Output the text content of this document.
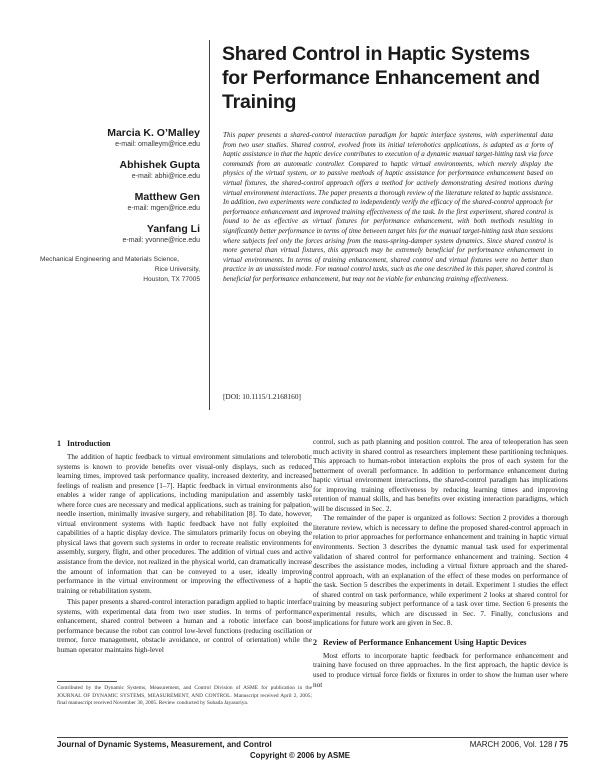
Shared Control in Haptic Systems for Performance Enhancement and Training
Marcia K. O’Malley
e-mail: omalleym@rice.edu
Abhishek Gupta
e-mail: abhi@rice.edu
Matthew Gen
e-mail: mgen@rice.edu
Yanfang Li
e-mail: yvonne@rice.edu
Mechanical Engineering and Materials Science,
Rice University,
Houston, TX 77005
This paper presents a shared-control interaction paradigm for haptic interface systems, with experimental data from two user studies. Shared control, evolved from its initial telerobotics applications, is adapted as a form of haptic assistance in that the haptic device contributes to execution of a dynamic manual target-hitting task via force commands from an automatic controller. Compared to haptic virtual environments, which merely display the physics of the virtual system, or to passive methods of haptic assistance for performance enhancement based on virtual fixtures, the shared-control approach offers a method for actively demonstrating desired motions during virtual environment interactions. The paper presents a thorough review of the literature related to haptic assistance. In addition, two experiments were conducted to independently verify the efficacy of the shared-control approach for performance enhancement and improved training effectiveness of the task. In the first experiment, shared control is found to be as effective as virtual fixtures for performance enhancement, with both methods resulting in significantly better performance in terms of time between target hits for the manual target-hitting task than sessions where subjects feel only the forces arising from the mass-spring-damper system dynamics. Since shared control is more general than virtual fixtures, this approach may be extremely beneficial for performance enhancement in virtual environments. In terms of training enhancement, shared control and virtual fixtures were no better than practice in an unassisted mode. For manual control tasks, such as the one described in this paper, shared control is beneficial for performance enhancement, but may not be viable for enhancing training effectiveness.
[DOI: 10.1115/1.2168160]
1 Introduction

The addition of haptic feedback to virtual environment simulations and telerobotic systems is known to provide benefits over visual-only displays, such as reduced learning times, improved task performance quality, increased dexterity, and increased feelings of realism and presence [1–7]. Haptic feedback in virtual environments also enables a wider range of applications, including manipulation and assembly tasks where force cues are necessary and medical applications, such as training for palpation, needle insertion, minimally invasive surgery, and rehabilitation [8]. To date, however, virtual environment systems with haptic feedback have not fully exploited the capabilities of a haptic display device. The simulators primarily focus on obeying the physical laws that govern such systems in order to recreate realistic environments for assembly, surgery, flight, and other procedures. The addition of virtual cues and active assistance from the device, not realized in the physical world, can dramatically increase the amount of information that can be conveyed to a user, ideally improving performance in the virtual environment or improving the effectiveness of a haptic training or rehabilitation system.

This paper presents a shared-control interaction paradigm applied to haptic interface systems, with experimental data from two user studies. In terms of performance enhancement, shared control between a human and a robotic interface can boost performance because the robot can control low-level functions (reducing oscillation or tremor, force management, obstacle avoidance, or control of orientation) while the human operator maintains high-level

control, such as path planning and position control. The area of teleoperation has seen much activity in shared control as researchers implement these partitioning techniques. This approach to human-robot interaction exploits the pros of each system for the betterment of overall performance. In addition to performance enhancement during haptic virtual environment interactions, the shared-control paradigm has implications for improving training effectiveness by reducing learning times and improving retention of manual skills, and has benefits over existing interaction paradigms, which will be discussed in Sec. 2.

The remainder of the paper is organized as follows: Section 2 provides a thorough literature review, which is necessary to define the proposed shared-control approach in relation to prior approaches for performance enhancement and training in haptic virtual environments. Section 3 describes the dynamic manual task used for experimental validation of shared control for performance enhancement and training. Section 4 describes the assistance modes, including a virtual fixture approach and the shared-control approach, with an explanation of the effect of these modes on performance of the task. Section 5 describes the experiments in detail. Experiment 1 studies the effect of shared control on task performance, while experiment 2 looks at shared control for training by measuring subject performance of a task over time. Section 6 presents the experimental results, which are discussed in Sec. 7. Finally, conclusions and implications for future work are given in Sec. 8.

2 Review of Performance Enhancement Using Haptic Devices

Most efforts to incorporate haptic feedback for performance enhancement and training have focused on three approaches. In the first approach, the haptic device is used to produce virtual force fields or fixtures in order to show the human user where not

Contributed by the Dynamic Systems, Measurement, and Control Division of ASME for publication in the JOURNAL OF DYNAMIC SYSTEMS, MEASUREMENT, AND CONTROL. Manuscript received April 2, 2005; final manuscript received November 30, 2005. Review conducted by Suhada Jayasuriya.
Journal of Dynamic Systems, Measurement, and Control	MARCH 2006, Vol. 128 / 75
Copyright © 2006 by ASME
